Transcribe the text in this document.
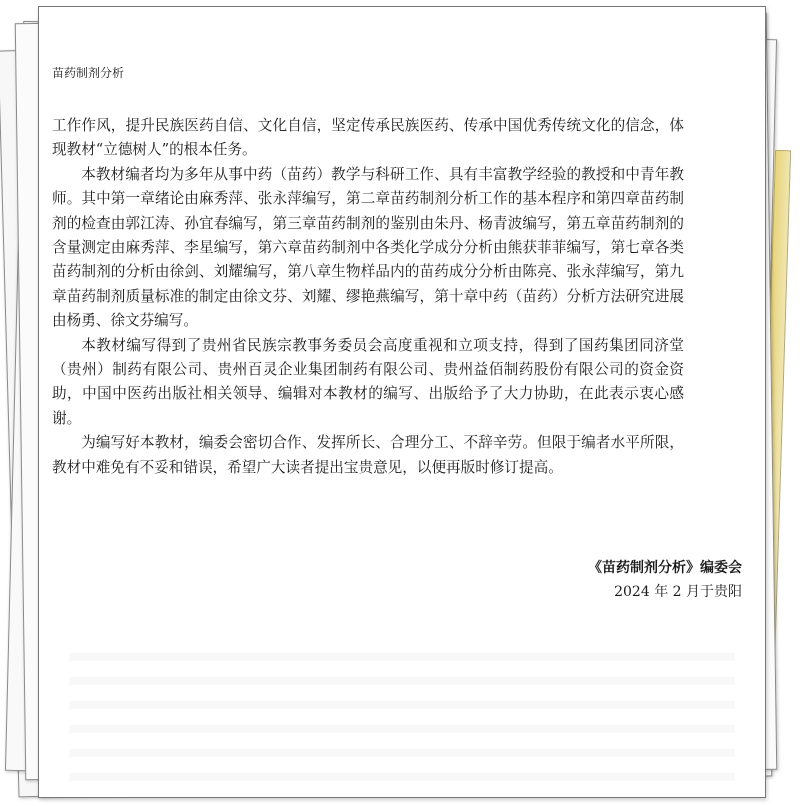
苗药制剂分析

工作作风，提升民族医药自信、文化自信，坚定传承民族医药、传承中国优秀传统文化的信念，体现教材“立德树人”的根本任务。

本教材编者均为多年从事中药（苗药）教学与科研工作、具有丰富教学经验的教授和中青年教师。其中第一章绪论由麻秀萍、张永萍编写，第二章苗药制剂分析工作的基本程序和第四章苗药制剂的检查由郭江涛、孙宜春编写，第三章苗药制剂的鉴别由朱丹、杨青波编写，第五章苗药制剂的含量测定由麻秀萍、李星编写，第六章苗药制剂中各类化学成分分析由熊获菲菲编写，第七章各类苗药制剂的分析由徐剑、刘耀编写，第八章生物样品内的苗药成分分析由陈亮、张永萍编写，第九章苗药制剂质量标准的制定由徐文芬、刘耀、缪艳燕编写，第十章中药（苗药）分析方法研究进展由杨勇、徐文芬编写。

本教材编写得到了贵州省民族宗教事务委员会高度重视和立项支持，得到了国药集团同济堂（贵州）制药有限公司、贵州百灵企业集团制药有限公司、贵州益佰制药股份有限公司的资金资助，中国中医药出版社相关领导、编辑对本教材的编写、出版给予了大力协助，在此表示衷心感谢。

为编写好本教材，编委会密切合作、发挥所长、合理分工、不辞辛劳。但限于编者水平所限，教材中难免有不妥和错误，希望广大读者提出宝贵意见，以便再版时修订提高。

《苗药制剂分析》编委会
2024 年 2 月于贵阳
